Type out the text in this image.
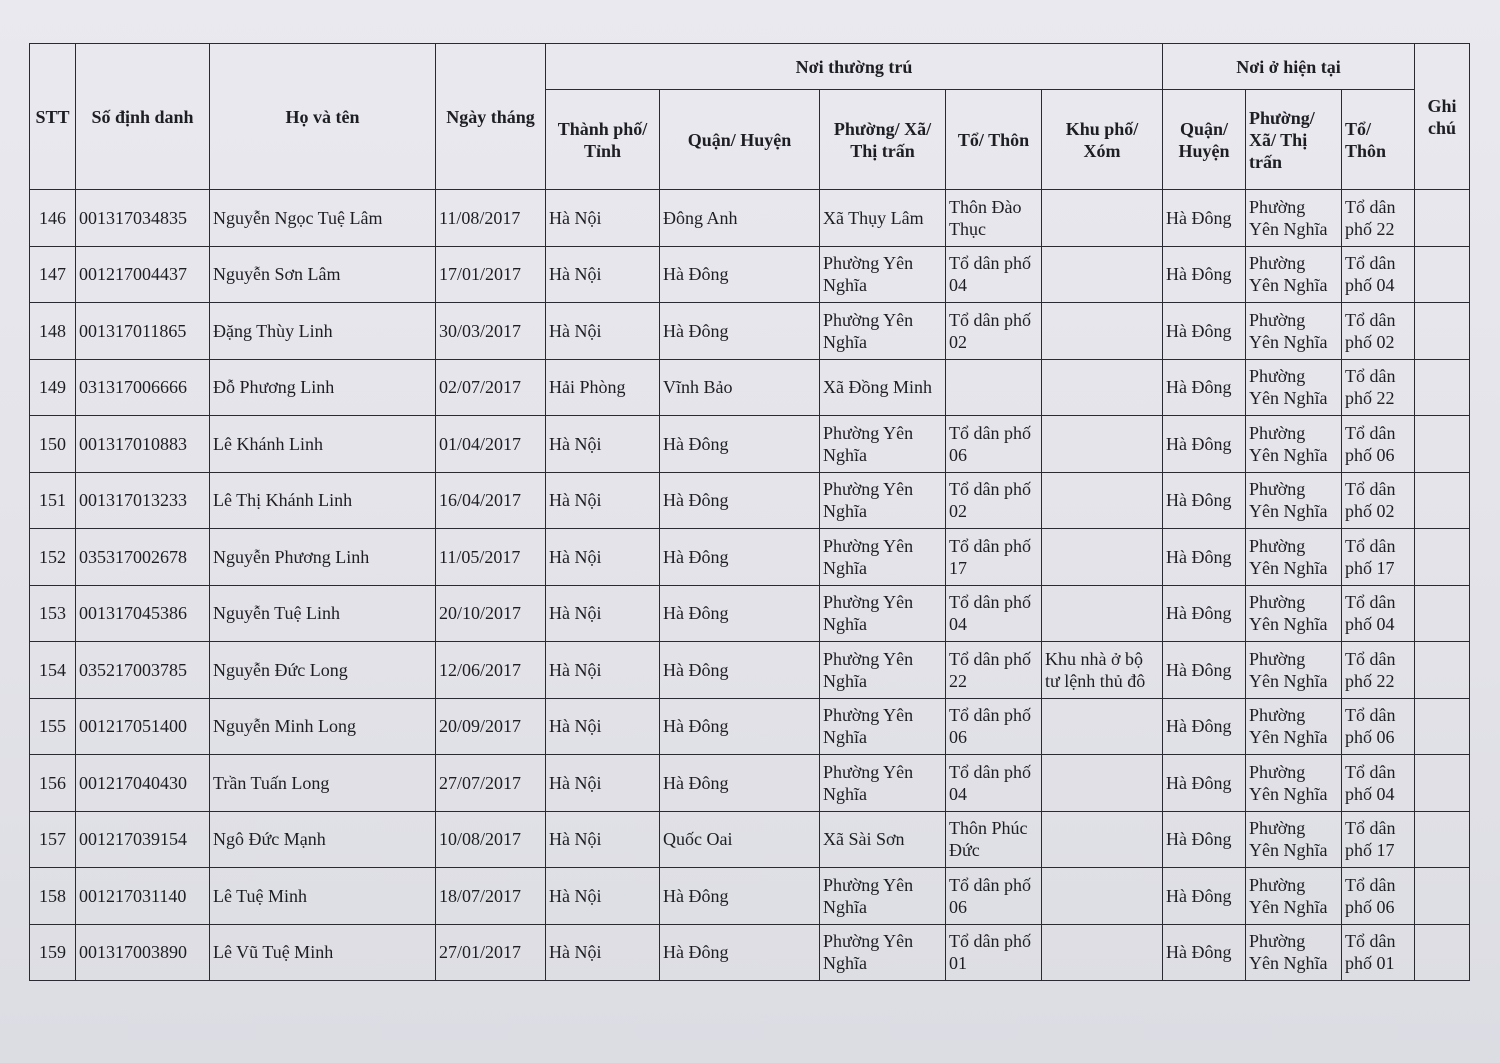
STT	Số định danh	Họ và tên	Ngày tháng	Nơi thường trú					Nơi ở hiện tại			Ghi chú
				Thành phố/ Tỉnh	Quận/ Huyện	Phường/ Xã/ Thị trấn	Tổ/ Thôn	Khu phố/ Xóm	Quận/ Huyện	Phường/ Xã/ Thị trấn	Tổ/ Thôn	
146	001317034835	Nguyễn Ngọc Tuệ Lâm	11/08/2017	Hà Nội	Đông Anh	Xã Thụy Lâm	Thôn Đào Thục		Hà Đông	Phường Yên Nghĩa	Tổ dân phố 22	
147	001217004437	Nguyễn Sơn Lâm	17/01/2017	Hà Nội	Hà Đông	Phường Yên Nghĩa	Tổ dân phố 04		Hà Đông	Phường Yên Nghĩa	Tổ dân phố 04	
148	001317011865	Đặng Thùy Linh	30/03/2017	Hà Nội	Hà Đông	Phường Yên Nghĩa	Tổ dân phố 02		Hà Đông	Phường Yên Nghĩa	Tổ dân phố 02	
149	031317006666	Đỗ Phương Linh	02/07/2017	Hải Phòng	Vĩnh Bảo	Xã Đồng Minh			Hà Đông	Phường Yên Nghĩa	Tổ dân phố 22	
150	001317010883	Lê Khánh Linh	01/04/2017	Hà Nội	Hà Đông	Phường Yên Nghĩa	Tổ dân phố 06		Hà Đông	Phường Yên Nghĩa	Tổ dân phố 06	
151	001317013233	Lê Thị Khánh Linh	16/04/2017	Hà Nội	Hà Đông	Phường Yên Nghĩa	Tổ dân phố 02		Hà Đông	Phường Yên Nghĩa	Tổ dân phố 02	
152	035317002678	Nguyễn Phương Linh	11/05/2017	Hà Nội	Hà Đông	Phường Yên Nghĩa	Tổ dân phố 17		Hà Đông	Phường Yên Nghĩa	Tổ dân phố 17	
153	001317045386	Nguyễn Tuệ Linh	20/10/2017	Hà Nội	Hà Đông	Phường Yên Nghĩa	Tổ dân phố 04		Hà Đông	Phường Yên Nghĩa	Tổ dân phố 04	
154	035217003785	Nguyễn Đức Long	12/06/2017	Hà Nội	Hà Đông	Phường Yên Nghĩa	Tổ dân phố 22	Khu nhà ở bộ tư lệnh thủ đô	Hà Đông	Phường Yên Nghĩa	Tổ dân phố 22	
155	001217051400	Nguyễn Minh Long	20/09/2017	Hà Nội	Hà Đông	Phường Yên Nghĩa	Tổ dân phố 06		Hà Đông	Phường Yên Nghĩa	Tổ dân phố 06	
156	001217040430	Trần Tuấn Long	27/07/2017	Hà Nội	Hà Đông	Phường Yên Nghĩa	Tổ dân phố 04		Hà Đông	Phường Yên Nghĩa	Tổ dân phố 04	
157	001217039154	Ngô Đức Mạnh	10/08/2017	Hà Nội	Quốc Oai	Xã Sài Sơn	Thôn Phúc Đức		Hà Đông	Phường Yên Nghĩa	Tổ dân phố 17	
158	001217031140	Lê Tuệ Minh	18/07/2017	Hà Nội	Hà Đông	Phường Yên Nghĩa	Tổ dân phố 06		Hà Đông	Phường Yên Nghĩa	Tổ dân phố 06	
159	001317003890	Lê Vũ Tuệ Minh	27/01/2017	Hà Nội	Hà Đông	Phường Yên Nghĩa	Tổ dân phố 01		Hà Đông	Phường Yên Nghĩa	Tổ dân phố 01	
